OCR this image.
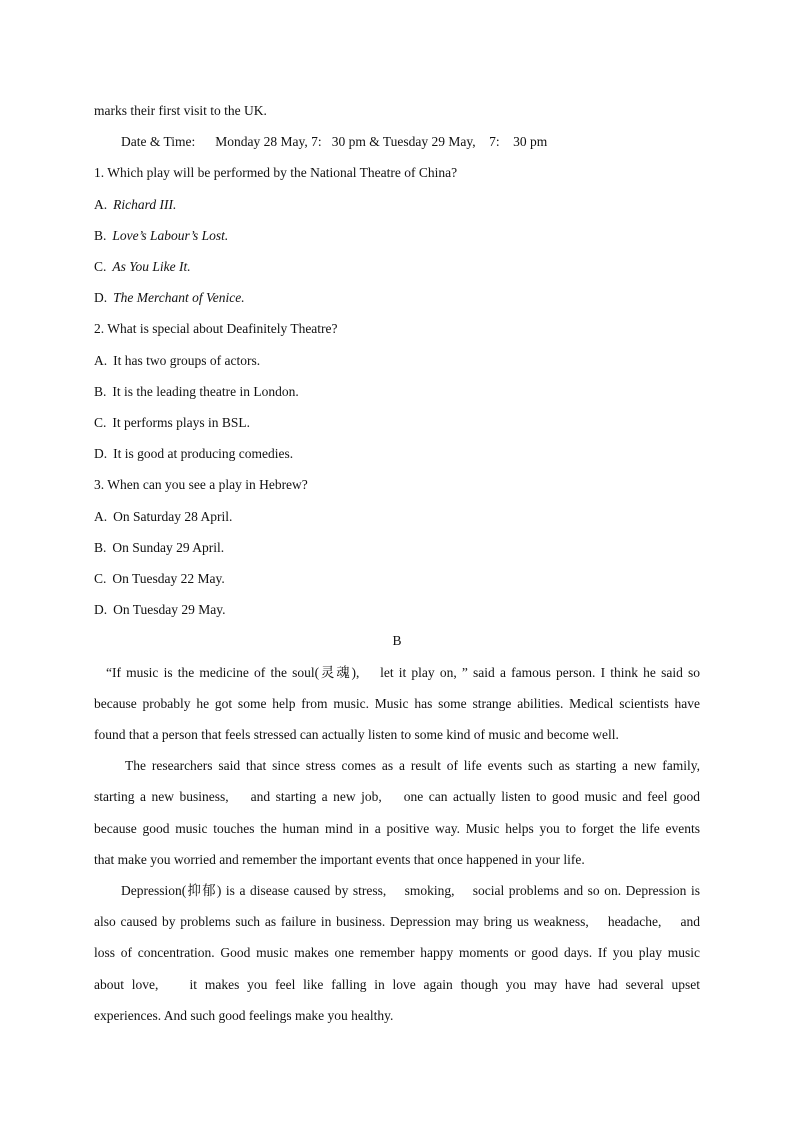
marks their first visit to the UK.
Date & Time: Monday 28 May, 7:   30 pm & Tuesday 29 May,    7:    30 pm
1. Which play will be performed by the National Theatre of China?
A. Richard III.
B. Love’s Labour’s Lost.
C. As You Like It.
D. The Merchant of Venice.
2. What is special about Deafinitely Theatre?
A. It has two groups of actors.
B. It is the leading theatre in London.
C. It performs plays in BSL.
D. It is good at producing comedies.
3. When can you see a play in Hebrew?
A. On Saturday 28 April.
B. On Sunday 29 April.
C. On Tuesday 22 May.
D. On Tuesday 29 May.
B
“If music is the medicine of the soul(灵魂),    let it play on, ” said a famous person. I think he said so
because probably he got some help from music. Music has some strange abilities. Medical scientists have
found that a person that feels stressed can actually listen to some kind of music and become well.
The researchers said that since stress comes as a result of life events such as starting a new family,
starting a new business,    and starting a new job,    one can actually listen to good music and feel good
because good music touches the human mind in a positive way. Music helps you to forget the life events
that make you worried and remember the important events that once happened in your life.
Depression(抑郁) is a disease caused by stress,    smoking,    social problems and so on. Depression is
also caused by problems such as failure in business. Depression may bring us weakness,    headache,    and
loss of concentration. Good music makes one remember happy moments or good days. If you play music
about love,    it makes you feel like falling in love again though you may have had several upset
experiences. And such good feelings make you healthy.
